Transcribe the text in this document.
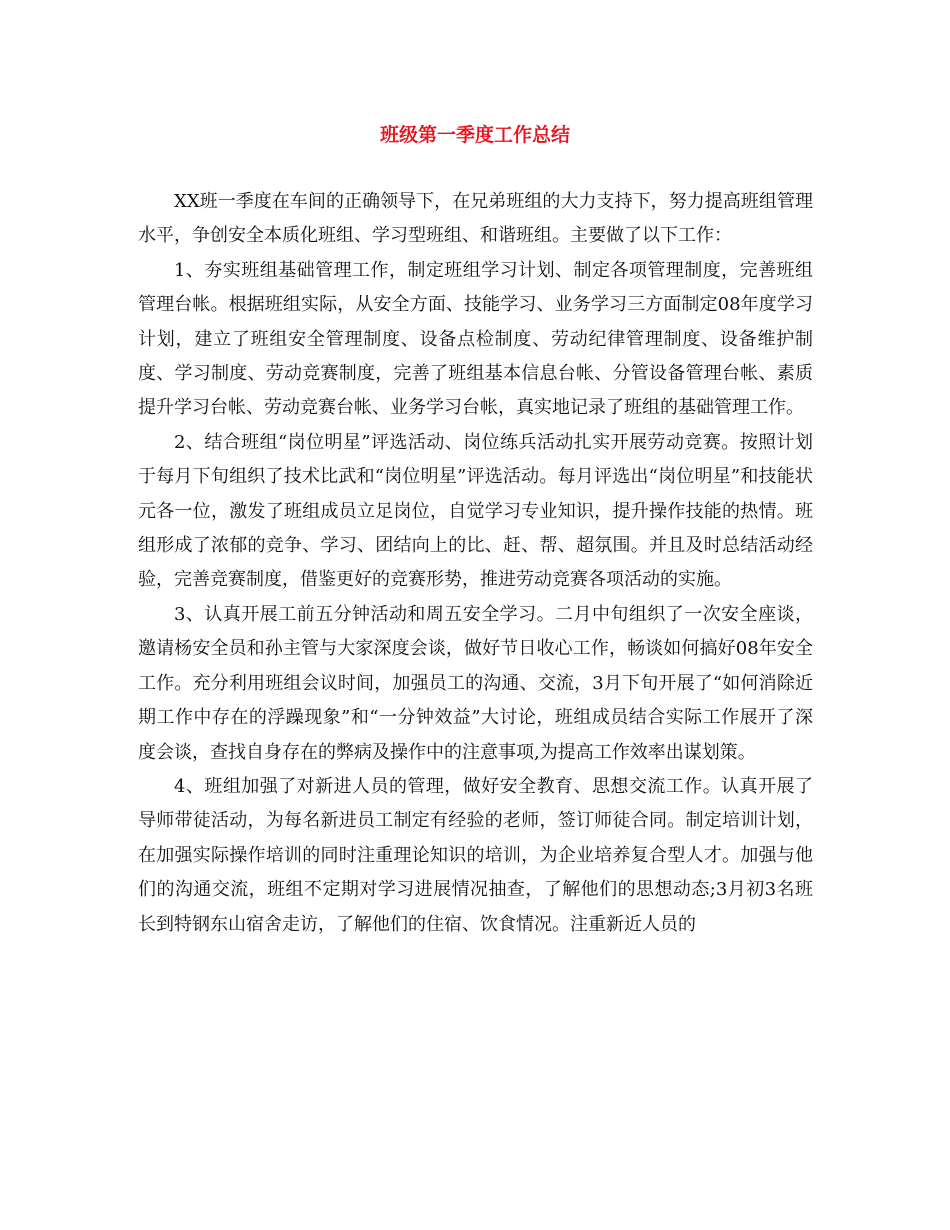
班级第一季度工作总结

XX班一季度在车间的正确领导下，在兄弟班组的大力支持下，努力提高班组管理水平，争创安全本质化班组、学习型班组、和谐班组。主要做了以下工作：

1、夯实班组基础管理工作，制定班组学习计划、制定各项管理制度，完善班组管理台帐。根据班组实际，从安全方面、技能学习、业务学习三方面制定08年度学习计划，建立了班组安全管理制度、设备点检制度、劳动纪律管理制度、设备维护制度、学习制度、劳动竞赛制度，完善了班组基本信息台帐、分管设备管理台帐、素质提升学习台帐、劳动竞赛台帐、业务学习台帐，真实地记录了班组的基础管理工作。

2、结合班组“岗位明星”评选活动、岗位练兵活动扎实开展劳动竞赛。按照计划于每月下旬组织了技术比武和“岗位明星”评选活动。每月评选出“岗位明星”和技能状元各一位，激发了班组成员立足岗位，自觉学习专业知识，提升操作技能的热情。班组形成了浓郁的竞争、学习、团结向上的比、赶、帮、超氛围。并且及时总结活动经验，完善竞赛制度，借鉴更好的竞赛形势，推进劳动竞赛各项活动的实施。

3、认真开展工前五分钟活动和周五安全学习。二月中旬组织了一次安全座谈，邀请杨安全员和孙主管与大家深度会谈，做好节日收心工作，畅谈如何搞好08年安全工作。充分利用班组会议时间，加强员工的沟通、交流，3月下旬开展了“如何消除近期工作中存在的浮躁现象”和“一分钟效益”大讨论，班组成员结合实际工作展开了深度会谈，查找自身存在的弊病及操作中的注意事项,为提高工作效率出谋划策。

4、班组加强了对新进人员的管理，做好安全教育、思想交流工作。认真开展了导师带徒活动，为每名新进员工制定有经验的老师，签订师徒合同。制定培训计划，在加强实际操作培训的同时注重理论知识的培训，为企业培养复合型人才。加强与他们的沟通交流，班组不定期对学习进展情况抽查，了解他们的思想动态;3月初3名班长到特钢东山宿舍走访，了解他们的住宿、饮食情况。注重新近人员的
